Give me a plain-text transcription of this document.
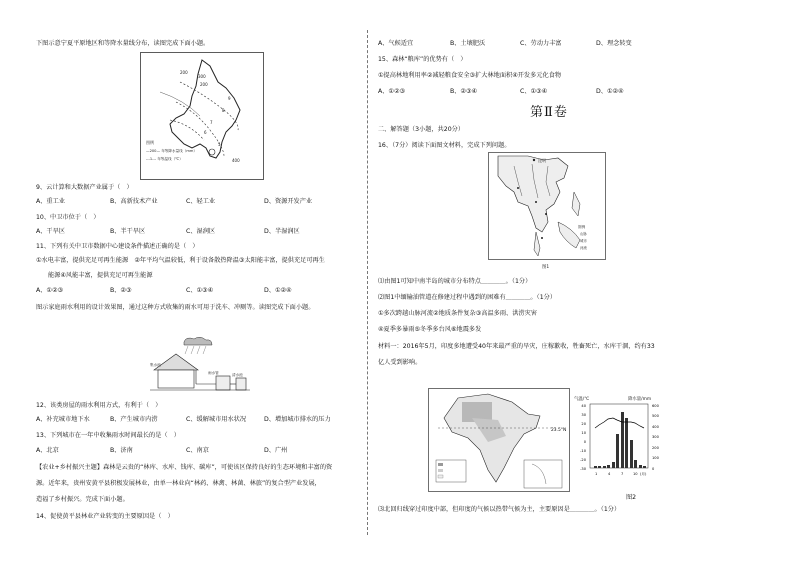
下图示意宁夏平原地区和等降水量线分布，读图完成下面小题。
300
200
9
8
7
6
5
400
200
图例
—200— 年等降水量线（mm）
---1--- 年等温线（℃）
9、云计算和大数据产业属于（　）
A、重工业	B、高新技术产业	C、轻工业	D、资源开发产业
10、中卫市位于（　）
A、干旱区	B、半干旱区	C、湿润区	D、半湿润区
11、下列有关中卫市数据中心建设条件描述正确的是（　）
①水电丰富，提供充足可再生能源　②年平均气温较低，利于设备散热降温③太阳能丰富，提供充足可再生
能源④风能丰富，提供充足可再生能源
A、①②③	B、②③	C、①③④	D、①②④
图示家庭雨水利用的设计效果图，通过这种方式收集的雨水可用于洗车、冲厕等。读图完成下面小题。
集水池
雨水管	清水池
12、该类房屋的雨水利用方式，有利于（　）
A、补充城市地下水	B、产生城市内涝	C、缓解城市用水状况	D、增加城市排水的压力
13、下列城市在一年中收集雨水时间最长的是（　）
A、北京	B、济南	C、南京	D、广州
【农业+乡村振兴主题】森林是云贵的“林库、水库、钱库、碳库”，可使该区保持良好的生态环境和丰富的资
源。近年来，贵州安黄平县积极发展林业，由单一林业向“林药、林禽、林菌、林旅”的复合型产业发展，
造福了乡村振兴。完成下面小题。
14、促使黄平县林业产业转变的主要原因是（　）
A、气候适宜	B、土壤肥沃	C、劳动力丰富	D、理念转变
15、森林“粮库”的优势有（　）
①提高林地利用率②减轻粮食安全③扩大林地面积④开发多元化食物
A、①②③	B、②③④	C、①③④	D、①②④
第Ⅱ卷
二、解答题（3小题，共20分）
16、（7分）阅读下面图文材料，完成下列问题。
昆明
图例
山脉
城市
河流
图1
⑴由图1可知中南半岛的城市分布特点＿＿＿＿。（1分）
⑵图1中缅输油管道在修建过程中遇到的困难有＿＿＿＿。（1分）
①多次跨越山脉河流②地质条件复杂③高温多雨、洪涝灾害
④夏季多暴雨⑤冬季多台风⑥地震多发
材料一：2016年5月，印度多地遭受40年来最严重的旱灾，庄稼歉收，牲畜死亡，水库干涸，约有33
亿人受到影响。
气温/℃	降水量/mm
40
30
20
10
0
-10
-20
-30
600
500
400
300
200
100
0
1	4	7	10 (月)
23.5°N
图2
⑶北回归线穿过印度中部，但印度的气候以热带气候为主，主要原因是＿＿＿＿。（1分）
